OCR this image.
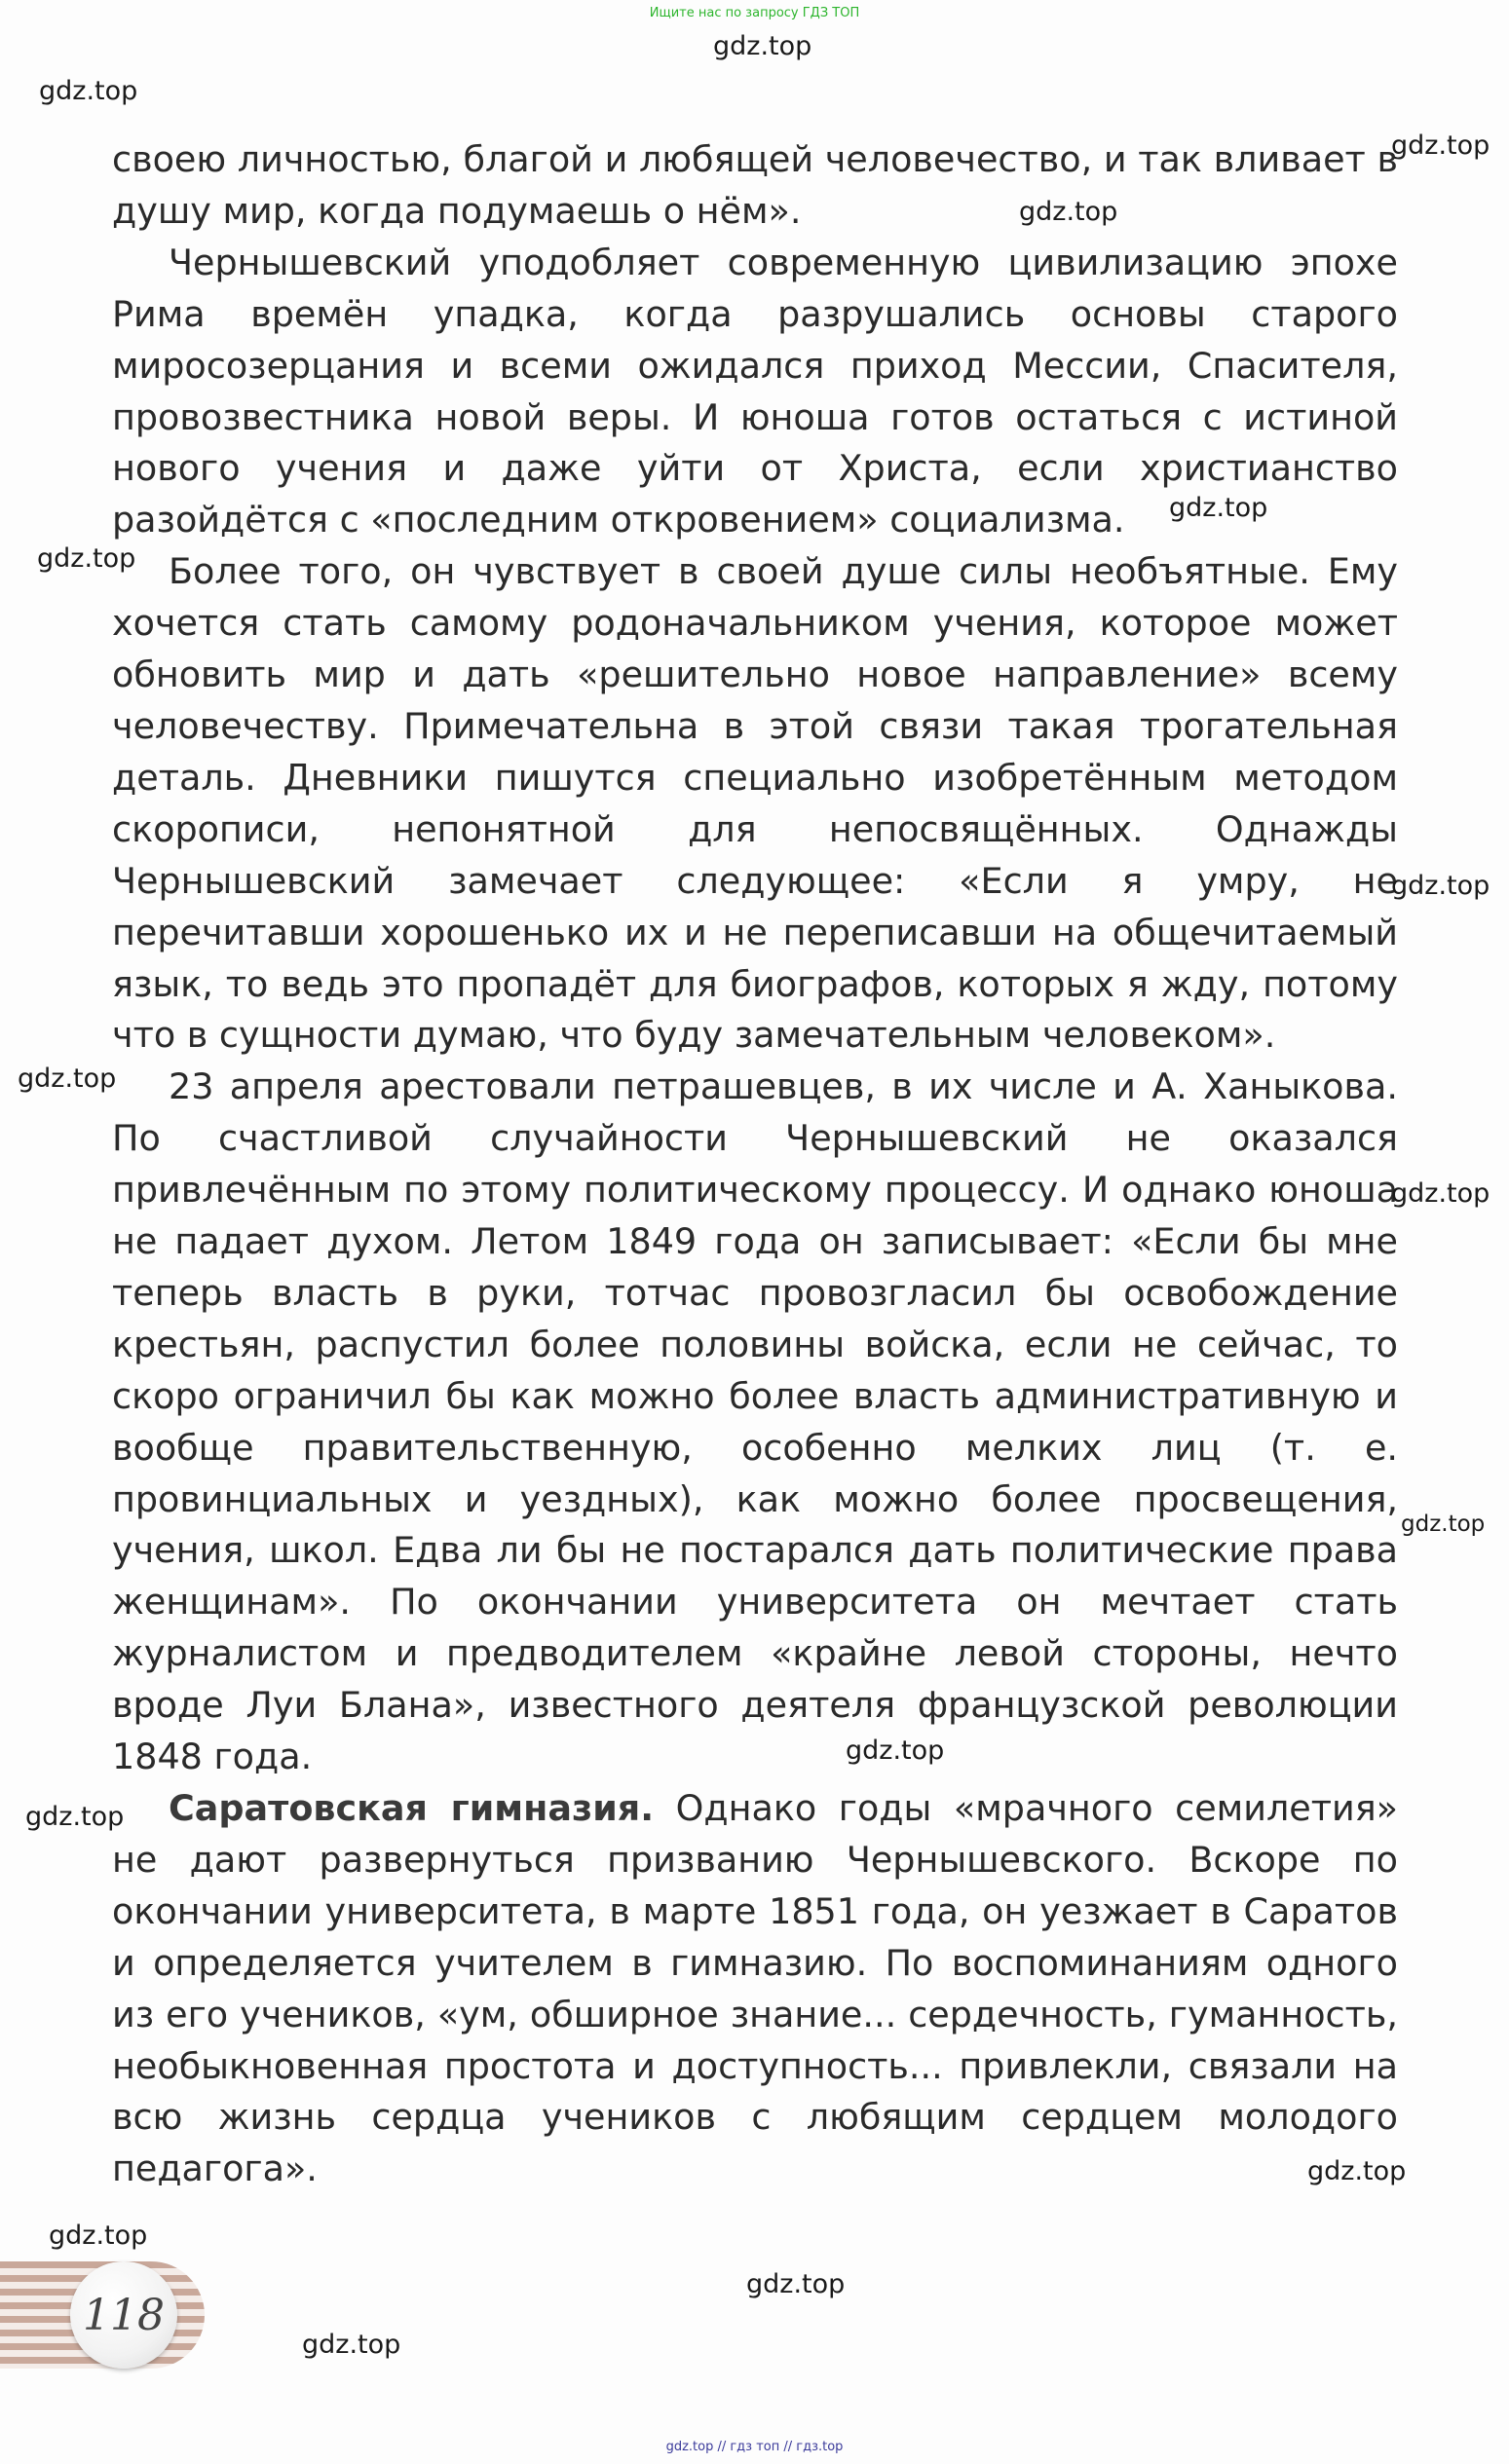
Ищите нас по запросу ГДЗ ТОП

своею личностью, благой и любящей человечество, и так вливает в душу мир, когда подумаешь о нём».

Чернышевский уподобляет современную цивилизацию эпохе Рима времён упадка, когда разрушались основы старого миросозерцания и всеми ожидался приход Мессии, Спасителя, провозвестника новой веры. И юноша готов остаться с истиной нового учения и даже уйти от Христа, если христианство разойдётся с «последним откровением» социализма.

Более того, он чувствует в своей душе силы необъятные. Ему хочется стать самому родоначальником учения, которое может обновить мир и дать «решительно новое направление» всему человечеству. Примечательна в этой связи такая трогательная деталь. Дневники пишутся специально изобретённым методом скорописи, непонятной для непосвящённых. Однажды Чернышевский замечает следующее: «Если я умру, не перечитавши хорошенько их и не переписавши на общечитаемый язык, то ведь это пропадёт для биографов, которых я жду, потому что в сущности думаю, что буду замечательным человеком».

23 апреля арестовали петрашевцев, в их числе и А. Ханыкова. По счастливой случайности Чернышевский не оказался привлечённым по этому политическому процессу. И однако юноша не падает духом. Летом 1849 года он записывает: «Если бы мне теперь власть в руки, тотчас провозгласил бы освобождение крестьян, распустил более половины войска, если не сейчас, то скоро ограничил бы как можно более власть административную и вообще правительственную, особенно мелких лиц (т. е. провинциальных и уездных), как можно более просвещения, учения, школ. Едва ли бы не постарался дать политические права женщинам». По окончании университета он мечтает стать журналистом и предводителем «крайне левой стороны, нечто вроде Луи Блана», известного деятеля французской революции 1848 года.

Саратовская гимназия. Однако годы «мрачного семилетия» не дают развернуться призванию Чернышевского. Вскоре по окончании университета, в марте 1851 года, он уезжает в Саратов и определяется учителем в гимназию. По воспоминаниям одного из его учеников, «ум, обширное знание... сердечность, гуманность, необыкновенная простота и доступность... привлекли, связали на всю жизнь сердца учеников с любящим сердцем молодого педагога».

gdz.top
gdz.top
gdz.top
gdz.top
gdz.top
gdz.top
gdz.top
gdz.top
gdz.top
gdz.top
gdz.top
gdz.top
gdz.top
gdz.top
gdz.top
gdz.top
118
gdz.top // гдз топ // гдз.top
